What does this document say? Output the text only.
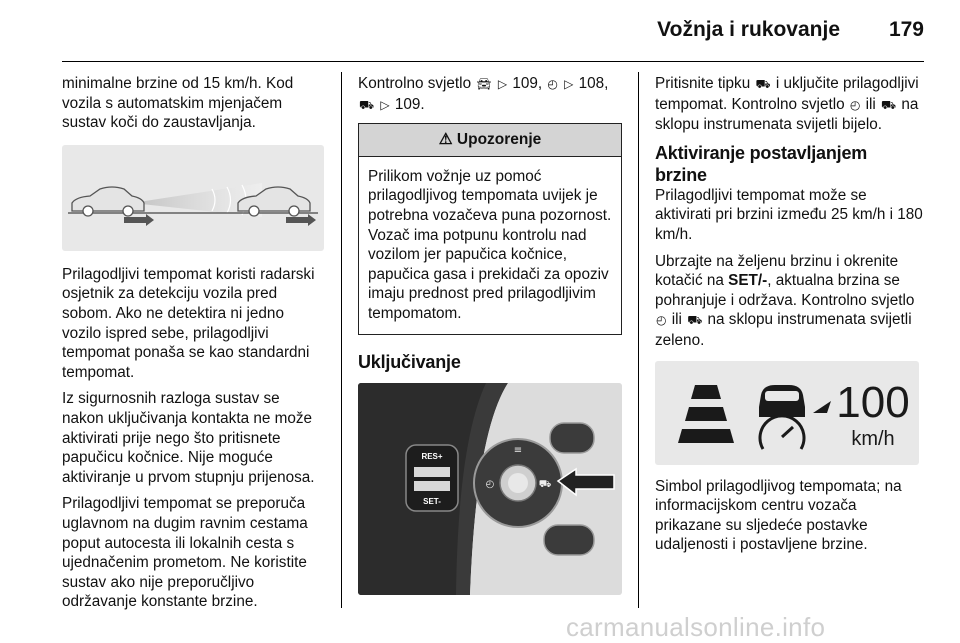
Vožnja i rukovanje 179

minimalne brzine od 15 km/h. Kod vozila s automatskim mjenjačem sustav koči do zaustavljanja.

Prilagodljivi tempomat koristi radarski osjetnik za detekciju vozila pred sobom. Ako ne detektira ni jedno vozilo ispred sebe, prilagodljivi tempomat ponaša se kao standardni tempomat.

Iz sigurnosnih razloga sustav se nakon uključivanja kontakta ne može aktivirati prije nego što pritisnete papučicu kočnice. Nije moguće aktiviranje u prvom stupnju prijenosa.

Prilagodljivi tempomat se preporuča uglavnom na dugim ravnim cestama poput autocesta ili lokalnih cesta s ujednačenim prometom. Ne koristite sustav ako nije preporučljivo održavanje konstante brzine.

Kontrolno svjetlo 🚘︎ ▷ 109, ◴ ▷ 108,
⛟ ▷ 109.

⚠ Upozorenje
Prilikom vožnje uz pomoć prilagodljivog tempomata uvijek je potrebna vozačeva puna pozornost. Vozač ima potpunu kontrolu nad vozilom jer papučica kočnice, papučica gasa i prekidači za opoziv imaju prednost pred prilagodljivim tempomatom.
Uključivanje
RES+
SET-
≡
◴	⛟

Pritisnite tipku ⛟ i uključite prilagodljivi tempomat. Kontrolno svjetlo ◴ ili ⛟ na sklopu instrumenata svijetli bijelo.

Aktiviranje postavljanjem brzine

Prilagodljivi tempomat može se aktivirati pri brzini između 25 km/h i 180 km/h.

Ubrzajte na željenu brzinu i okrenite kotačić na SET/-, aktualna brzina se pohranjuje i održava. Kontrolno svjetlo ◴ ili ⛟ na sklopu instrumenata svijetli zeleno.

100
km/h

Simbol prilagodljivog tempomata; na informacijskom centru vozača prikazane su sljedeće postavke udaljenosti i postavljene brzine.

carmanualsonline.info
